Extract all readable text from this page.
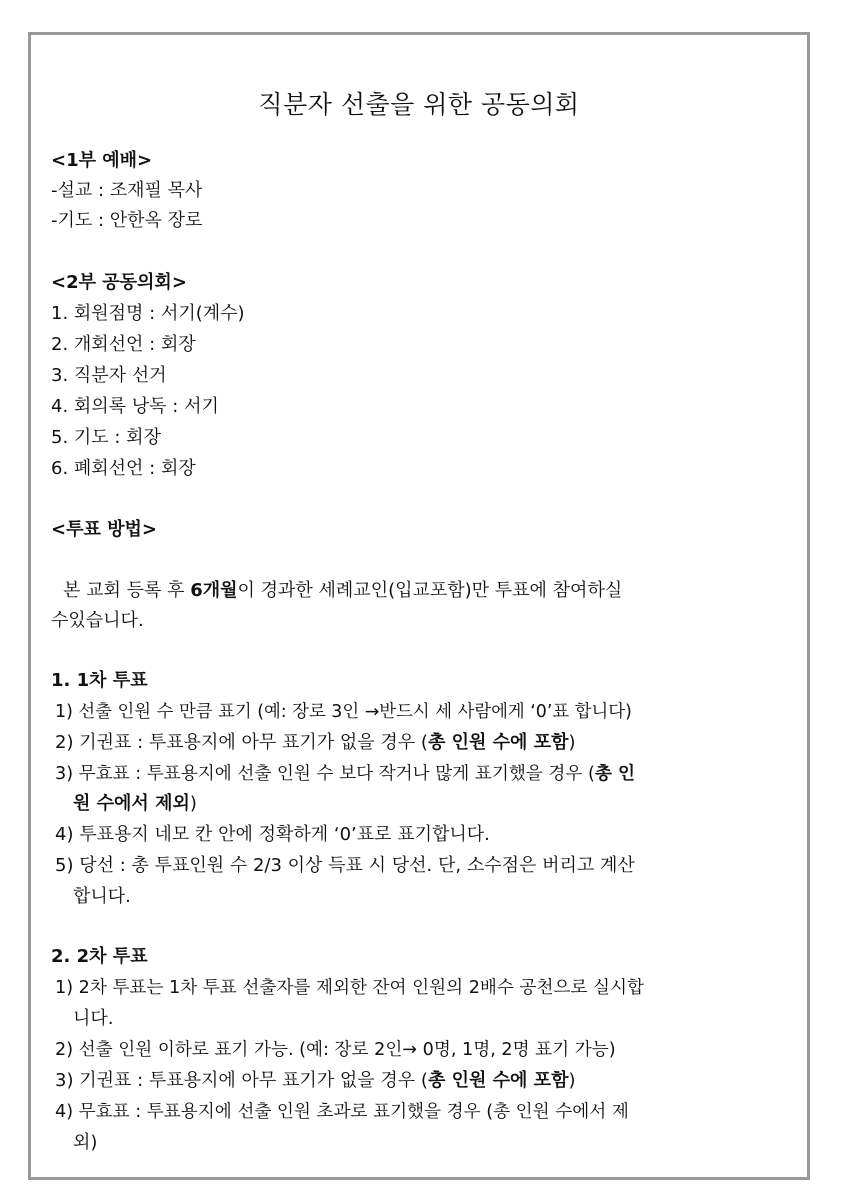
직분자 선출을 위한 공동의회
<1부 예배>
-설교 : 조재필 목사
-기도 : 안한옥 장로
<2부 공동의회>
1. 회원점명 : 서기(계수)
2. 개회선언 : 회장
3. 직분자 선거
4. 회의록 낭독 : 서기
5. 기도 : 회장
6. 폐회선언 : 회장
<투표 방법>
본 교회 등록 후 6개월이 경과한 세례교인(입교포함)만 투표에 참여하실
수있습니다.
1. 1차 투표
1) 선출 인원 수 만큼 표기 (예: 장로 3인 →반드시 세 사람에게 ‘0’표 합니다)
2) 기권표 : 투표용지에 아무 표기가 없을 경우 (총 인원 수에 포함)
3) 무효표 : 투표용지에 선출 인원 수 보다 작거나 많게 표기했을 경우 (총 인
원 수에서 제외)
4) 투표용지 네모 칸 안에 정확하게 ‘0’표로 표기합니다.
5) 당선 : 총 투표인원 수 2/3 이상 득표 시 당선. 단, 소수점은 버리고 계산
합니다.
2. 2차 투표
1) 2차 투표는 1차 투표 선출자를 제외한 잔여 인원의 2배수 공천으로 실시합
니다.
2) 선출 인원 이하로 표기 가능. (예: 장로 2인→ 0명, 1명, 2명 표기 가능)
3) 기권표 : 투표용지에 아무 표기가 없을 경우 (총 인원 수에 포함)
4) 무효표 : 투표용지에 선출 인원 초과로 표기했을 경우 (총 인원 수에서 제
외)
